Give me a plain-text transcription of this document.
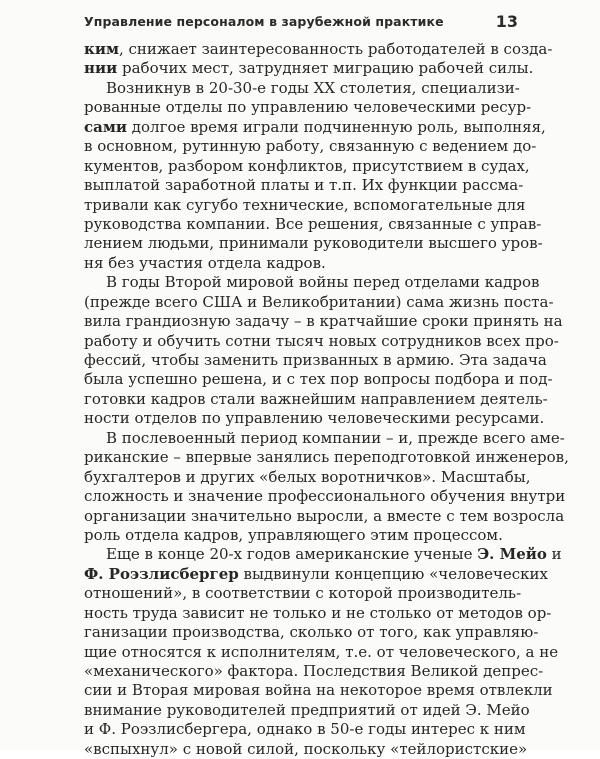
Управление персоналом в зарубежной практике	13
ким, снижает заинтересованность работодателей в созда-
нии рабочих мест, затрудняет миграцию рабочей силы.
Возникнув в 20-30-е годы XX столетия, специализи-
рованные отделы по управлению человеческими ресур-
сами долгое время играли подчиненную роль, выполняя,
в основном, рутинную работу, связанную с ведением до-
кументов, разбором конфликтов, присутствием в судах,
выплатой заработной платы и т.п. Их функции рассма-
тривали как сугубо технические, вспомогательные для
руководства компании. Все решения, связанные с управ-
лением людьми, принимали руководители высшего уров-
ня без участия отдела кадров.
В годы Второй мировой войны перед отделами кадров
(прежде всего США и Великобритании) сама жизнь поста-
вила грандиозную задачу – в кратчайшие сроки принять на
работу и обучить сотни тысяч новых сотрудников всех про-
фессий, чтобы заменить призванных в армию. Эта задача
была успешно решена, и с тех пор вопросы подбора и под-
готовки кадров стали важнейшим направлением деятель-
ности отделов по управлению человеческими ресурсами.
В послевоенный период компании – и, прежде всего аме-
риканские – впервые занялись переподготовкой инженеров,
бухгалтеров и других «белых воротничков». Масштабы,
сложность и значение профессионального обучения внутри
организации значительно выросли, а вместе с тем возросла
роль отдела кадров, управляющего этим процессом.
Еще в конце 20-х годов американские ученые Э. Мейо и
Ф. Роэзлисбергер выдвинули концепцию «человеческих
отношений», в соответствии с которой производитель-
ность труда зависит не только и не столько от методов ор-
ганизации производства, сколько от того, как управляю-
щие относятся к исполнителям, т.е. от человеческого, а не
«механического» фактора. Последствия Великой депрес-
сии и Вторая мировая война на некоторое время отвлекли
внимание руководителей предприятий от идей Э. Мейо
и Ф. Роэзлисбергера, однако в 50-е годы интерес к ним
«вспыхнул» с новой силой, поскольку «тейлористские»
